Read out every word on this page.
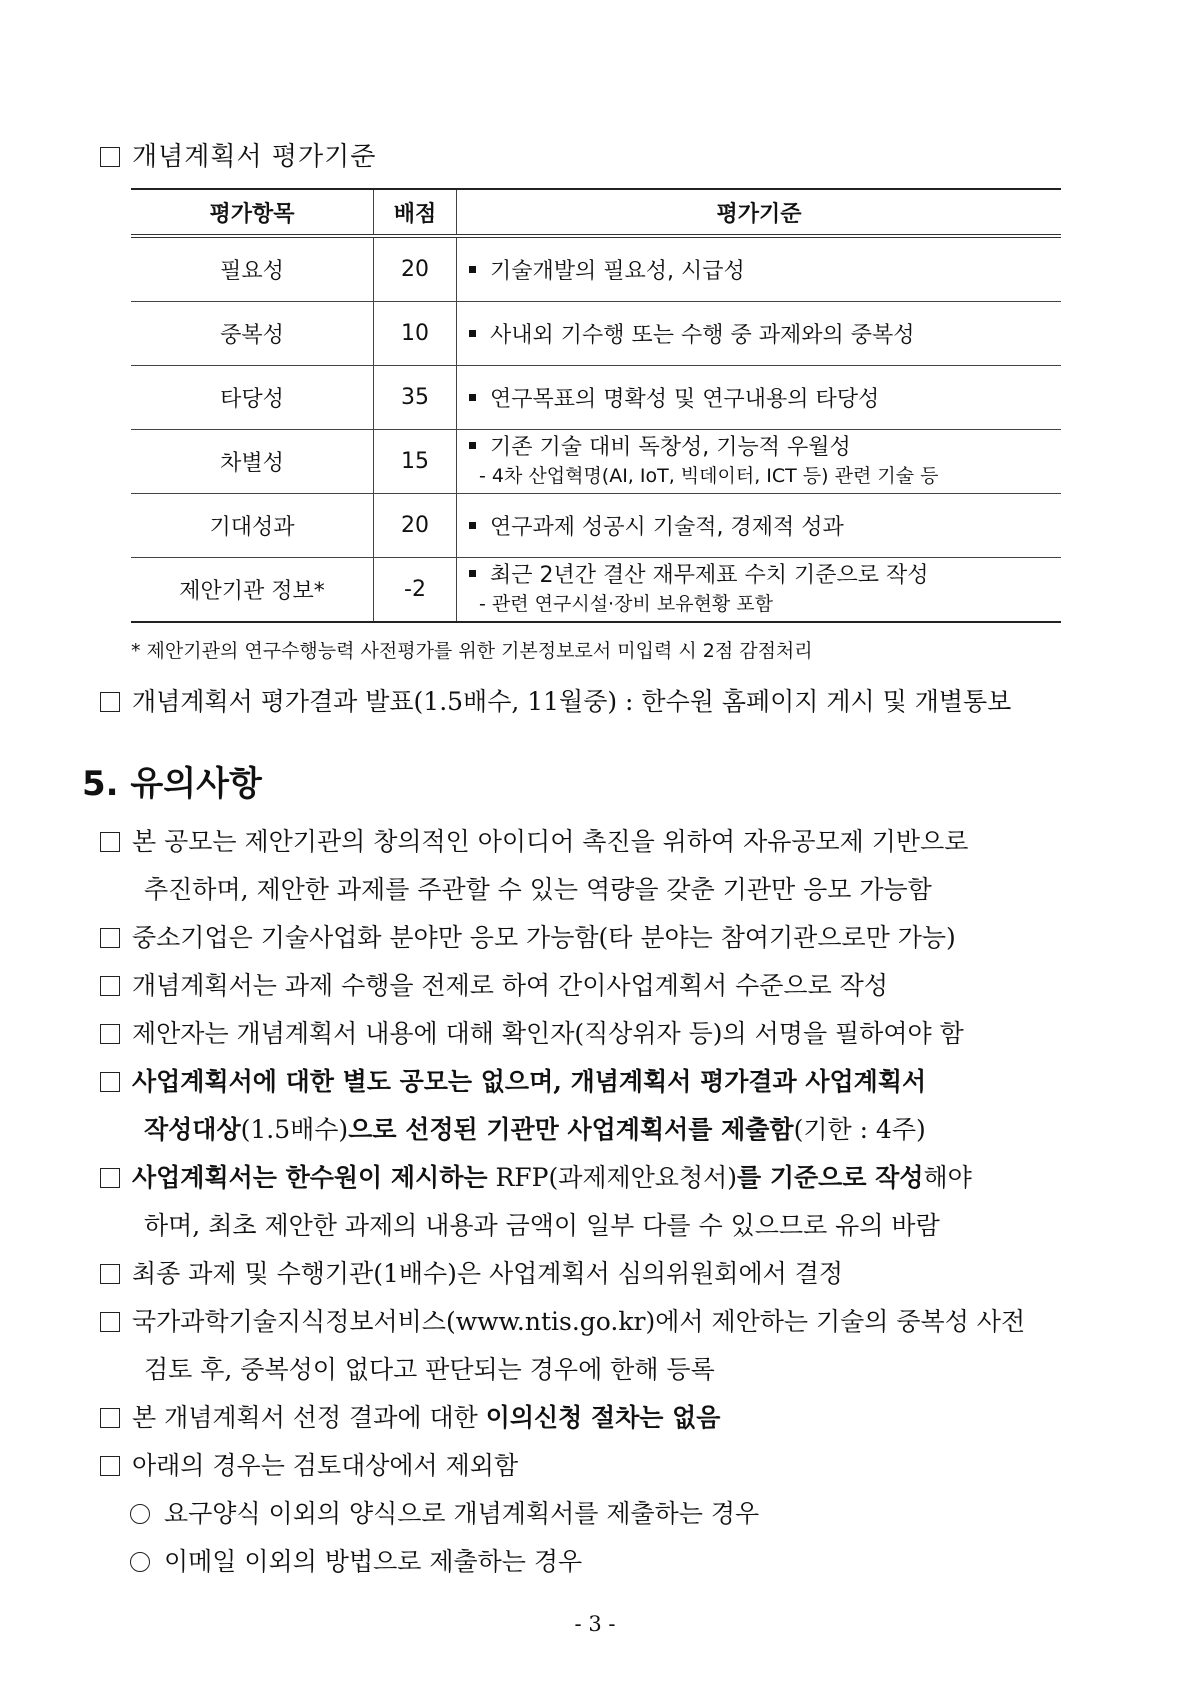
개념계획서 평가기준
평가항목	배점	평가기준
필요성	20	기술개발의 필요성, 시급성
중복성	10	사내외 기수행 또는 수행 중 과제와의 중복성
타당성	35	연구목표의 명확성 및 연구내용의 타당성
차별성	15	기존 기술 대비 독창성, 기능적 우월성
- 4차 산업혁명(AI, IoT, 빅데이터, ICT 등) 관련 기술 등

기대성과	20	연구과제 성공시 기술적, 경제적 성과
제안기관 정보*	-2	최근 2년간 결산 재무제표 수치 기준으로 작성
- 관련 연구시설·장비 보유현황 포함
* 제안기관의 연구수행능력 사전평가를 위한 기본정보로서 미입력 시 2점 감점처리
개념계획서 평가결과 발표(1.5배수, 11월중) : 한수원 홈페이지 게시 및 개별통보
5. 유의사항

본 공모는 제안기관의 창의적인 아이디어 촉진을 위하여 자유공모제 기반으로

추진하며, 제안한 과제를 주관할 수 있는 역량을 갖춘 기관만 응모 가능함

중소기업은 기술사업화 분야만 응모 가능함(타 분야는 참여기관으로만 가능)

개념계획서는 과제 수행을 전제로 하여 간이사업계획서 수준으로 작성

제안자는 개념계획서 내용에 대해 확인자(직상위자 등)의 서명을 필하여야 함

사업계획서에 대한 별도 공모는 없으며, 개념계획서 평가결과 사업계획서

작성대상(1.5배수)으로 선정된 기관만 사업계획서를 제출함(기한 : 4주)

사업계획서는 한수원이 제시하는 RFP(과제제안요청서)를 기준으로 작성해야

하며, 최초 제안한 과제의 내용과 금액이 일부 다를 수 있으므로 유의 바람

최종 과제 및 수행기관(1배수)은 사업계획서 심의위원회에서 결정

국가과학기술지식정보서비스(www.ntis.go.kr)에서 제안하는 기술의 중복성 사전

검토 후, 중복성이 없다고 판단되는 경우에 한해 등록

본 개념계획서 선정 결과에 대한 이의신청 절차는 없음

아래의 경우는 검토대상에서 제외함

요구양식 이외의 양식으로 개념계획서를 제출하는 경우

이메일 이외의 방법으로 제출하는 경우

- 3 -
